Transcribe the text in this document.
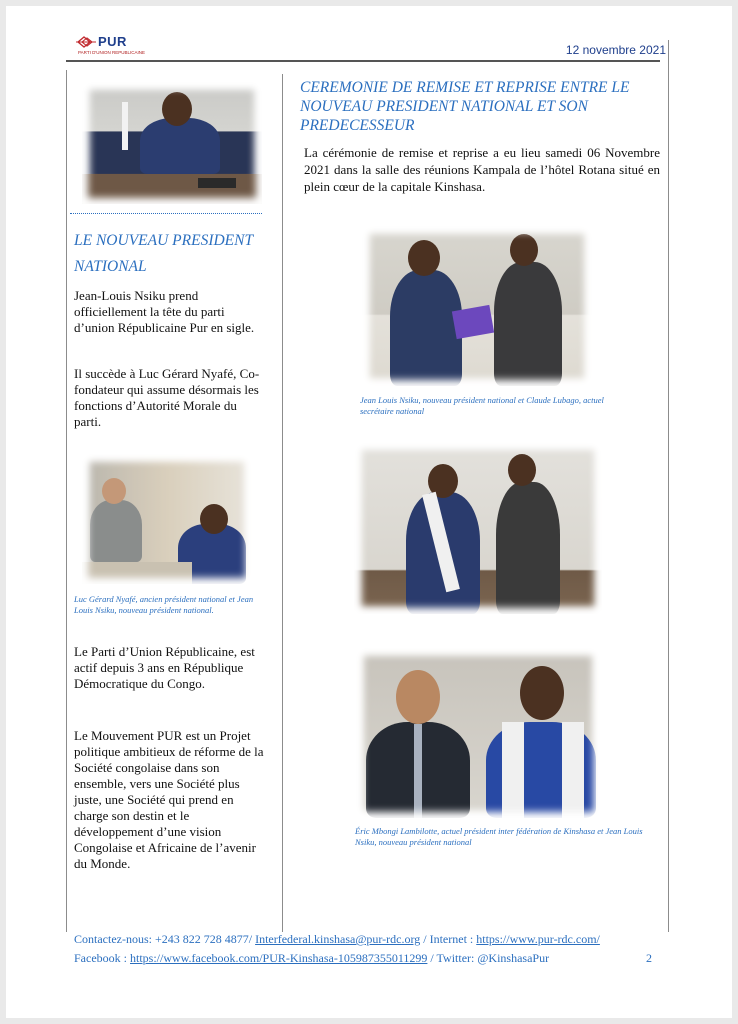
PUR
PARTI D'UNION REPUBLICAINE	12 novembre 2021
CEREMONIE DE REMISE ET REPRISE ENTRE LE NOUVEAU PRESIDENT NATIONAL ET SON PREDECESSEUR
La cérémonie de remise et reprise a eu lieu samedi 06 Novembre 2021 dans la salle des réunions Kampala de l’hôtel Rotana situé en plein cœur de la capitale Kinshasa.
LE NOUVEAU PRESIDENT NATIONAL
Jean-Louis Nsiku prend officiellement la tête du parti d’union Républicaine Pur en sigle.
Il succède à Luc Gérard Nyafé, Co-fondateur qui assume désormais les fonctions d’Autorité Morale du parti.
Jean Louis Nsiku, nouveau président national et Claude Lubago, actuel secrétaire national
Luc Gérard Nyafé, ancien président national et Jean Louis Nsiku, nouveau président national.
Le Parti d’Union Républicaine, est actif depuis 3 ans en République Démocratique du Congo.
Le Mouvement PUR est un Projet politique ambitieux de réforme de la Société congolaise dans son ensemble, vers une Société plus juste, une Société qui prend en charge son destin et le développement d’une vision Congolaise et Africaine de l’avenir du Monde.
Éric Mbongi Lambilotte, actuel président inter fédération de Kinshasa et Jean Louis Nsiku, nouveau président national
Contactez-nous: +243 822 728 4877/ Interfederal.kinshasa@pur-rdc.org / Internet : https://www.pur-rdc.com/
Facebook : https://www.facebook.com/PUR-Kinshasa-105987355011299 / Twitter: @KinshasaPur	2
